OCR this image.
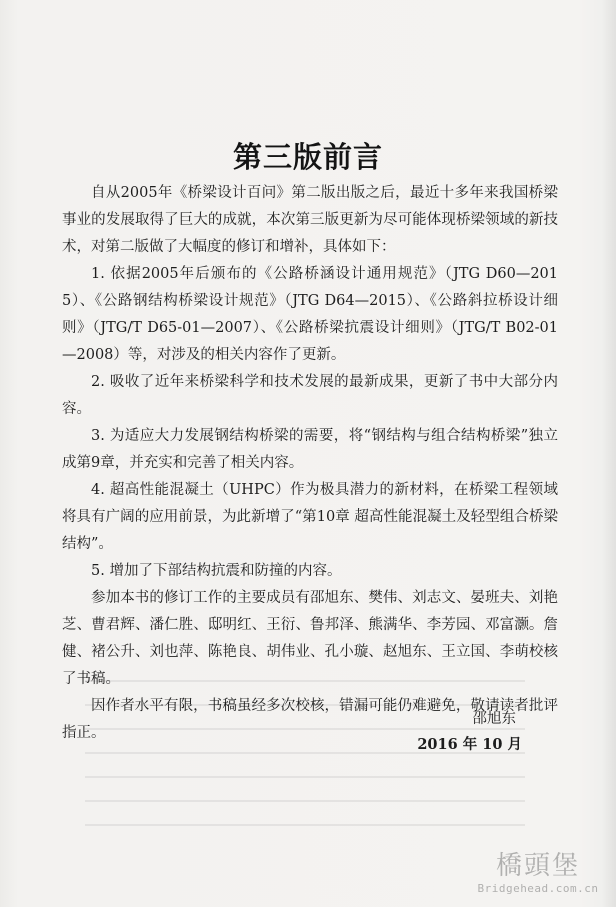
第三版前言

自从2005年《桥梁设计百问》第二版出版之后，最近十多年来我国桥梁事业的发展取得了巨大的成就，本次第三版更新为尽可能体现桥梁领域的新技术，对第二版做了大幅度的修订和增补，具体如下：

1. 依据2005年后颁布的《公路桥涵设计通用规范》（JTG D60—2015）、《公路钢结构桥梁设计规范》（JTG D64—2015）、《公路斜拉桥设计细则》（JTG/T D65-01—2007）、《公路桥梁抗震设计细则》（JTG/T B02-01—2008）等，对涉及的相关内容作了更新。

2. 吸收了近年来桥梁科学和技术发展的最新成果，更新了书中大部分内容。

3. 为适应大力发展钢结构桥梁的需要，将“钢结构与组合结构桥梁”独立成第9章，并充实和完善了相关内容。

4. 超高性能混凝土（UHPC）作为极具潜力的新材料，在桥梁工程领域将具有广阔的应用前景，为此新增了“第10章 超高性能混凝土及轻型组合桥梁结构”。

5. 增加了下部结构抗震和防撞的内容。

参加本书的修订工作的主要成员有邵旭东、樊伟、刘志文、晏班夫、刘艳芝、曹君辉、潘仁胜、邸明红、王衍、鲁邦泽、熊满华、李芳园、邓富灏。詹健、褚公升、刘也萍、陈艳良、胡伟业、孔小璇、赵旭东、王立国、李萌校核了书稿。

因作者水平有限，书稿虽经多次校核，错漏可能仍难避免，敬请读者批评指正。

邵旭东
2016 年 10 月
橋頭堡
Bridgehead.com.cn
